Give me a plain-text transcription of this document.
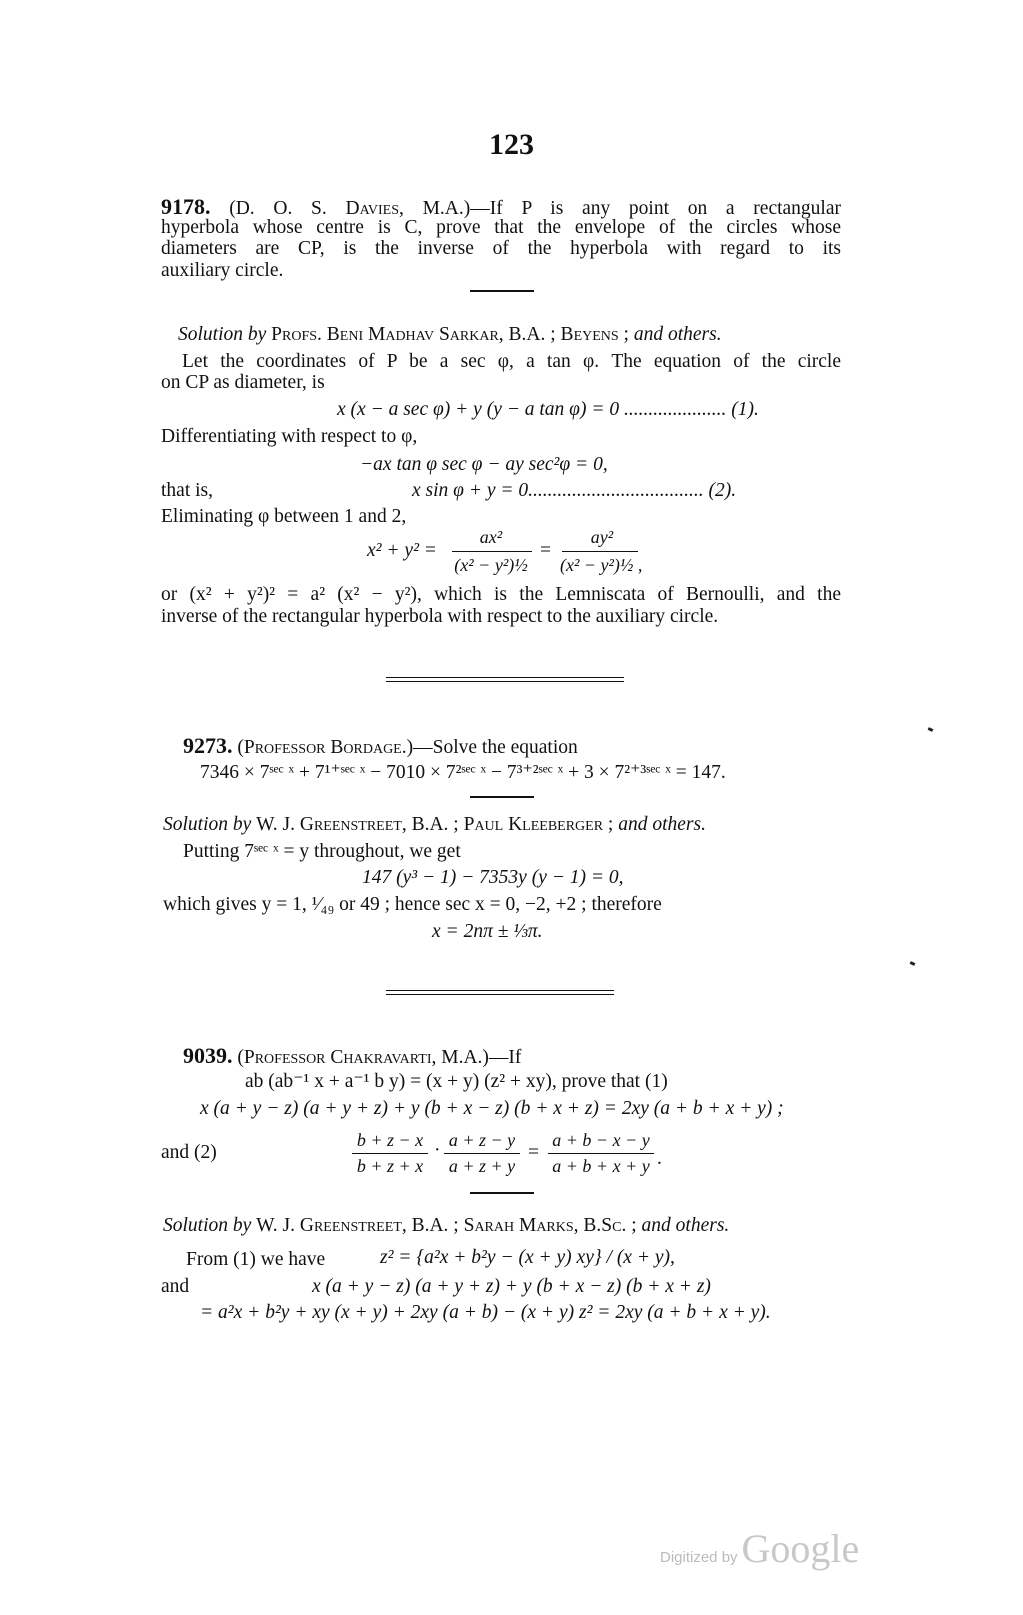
123
9178. (D. O. S. Davies, M.A.)—If P is any point on a rectangular
hyperbola whose centre is C, prove that the envelope of the circles whose
diameters are CP, is the inverse of the hyperbola with regard to its
auxiliary circle.
Solution by Profs. Beni Madhav Sarkar, B.A. ; Beyens ; and others.
Let the coordinates of P be a sec φ, a tan φ. The equation of the circle
on CP as diameter, is
x (x − a sec φ) + y (y − a tan φ) = 0 ..................... (1).
Differentiating with respect to φ,
−ax tan φ sec φ − ay sec²φ = 0,
that is,	x sin φ + y = 0.................................... (2).
Eliminating φ between 1 and 2,
x² + y² =
ax²
(x² − y²)½
=
ay²
(x² − y²)½ ,
or (x² + y²)² = a² (x² − y²), which is the Lemniscata of Bernoulli, and the
inverse of the rectangular hyperbola with respect to the auxiliary circle.
9273. (Professor Bordage.)—Solve the equation
7346 × 7ˢᵉᶜ ˣ + 7¹⁺ˢᵉᶜ ˣ − 7010 × 7²ˢᵉᶜ ˣ − 7³⁺²ˢᵉᶜ ˣ + 3 × 7²⁺³ˢᵉᶜ ˣ = 147.
Solution by W. J. Greenstreet, B.A. ; Paul Kleeberger ; and others.
Putting 7ˢᵉᶜ ˣ = y throughout, we get
147 (y³ − 1) − 7353y (y − 1) = 0,
which gives y = 1, ¹⁄₄₉ or 49 ; hence sec x = 0, −2, +2 ; therefore
x = 2nπ ± ⅓π.
9039. (Professor Chakravarti, M.A.)—If
ab (ab⁻¹ x + a⁻¹ b y) = (x + y) (z² + xy), prove that (1)
x (a + y − z) (a + y + z) + y (b + x − z) (b + x + z) = 2xy (a + b + x + y) ;
and (2)
b + z − x
b + z + x
· a + z − y
a + z + y
=
a + b − x − y
a + b + x + y .
Solution by W. J. Greenstreet, B.A. ; Sarah Marks, B.Sc. ; and others.
From (1) we have	z² = {a²x + b²y − (x + y) xy} / (x + y),
and	x (a + y − z) (a + y + z) + y (b + x − z) (b + x + z)
= a²x + b²y + xy (x + y) + 2xy (a + b) − (x + y) z² = 2xy (a + b + x + y).
Digitized by Google
